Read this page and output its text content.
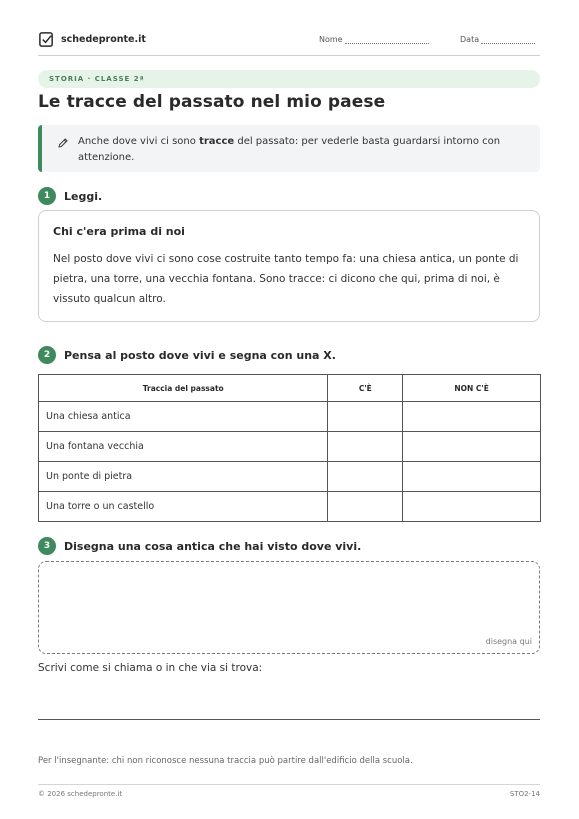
schedepronte.it	Nome	Data
STORIA · CLASSE 2ª
Le tracce del passato nel mio paese
Anche dove vivi ci sono tracce del passato: per vederle basta guardarsi intorno con attenzione.
1	Leggi.
Chi c'era prima di noi
Nel posto dove vivi ci sono cose costruite tanto tempo fa: una chiesa antica, un ponte di pietra, una torre, una vecchia fontana. Sono tracce: ci dicono che qui, prima di noi, è vissuto qualcun altro.
2	Pensa al posto dove vivi e segna con una X.
Traccia del passato	C'È	NON C'È
Una chiesa antica		
Una fontana vecchia		
Un ponte di pietra		
Una torre o un castello		
3	Disegna una cosa antica che hai visto dove vivi.
disegna qui
Scrivi come si chiama o in che via si trova:
Per l'insegnante: chi non riconosce nessuna traccia può partire dall'edificio della scuola.
© 2026 schedepronte.it	STO2-14
